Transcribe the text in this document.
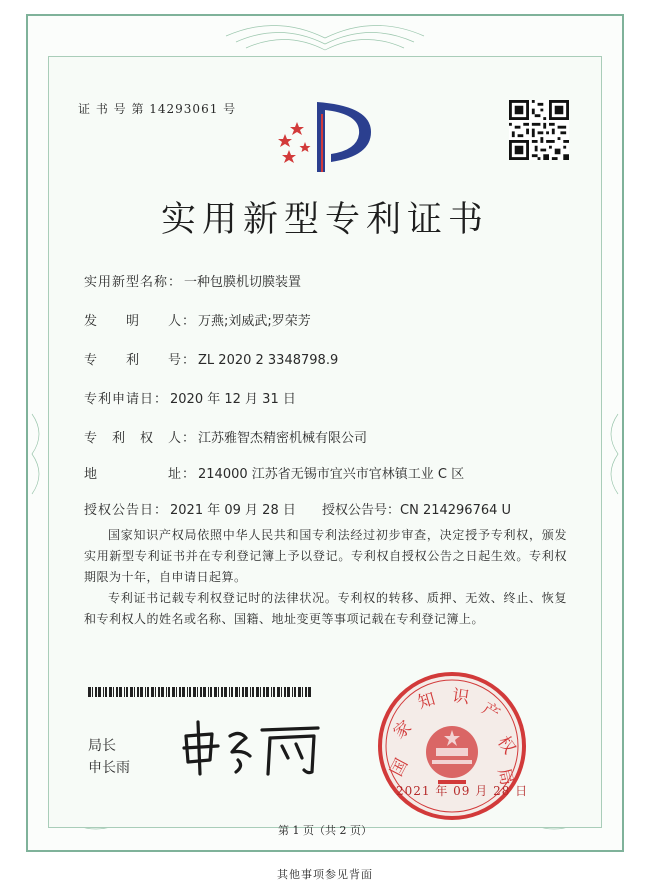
证 书 号 第 14293061 号
实用新型专利证书
实用新型名称： 一种包膜机切膜装置
发　　明　　人： 万燕;刘威武;罗荣芳
专　　利　　号： ZL 2020 2 3348798.9
专利申请日： 2020 年 12 月 31 日
专　利　权　人： 江苏雅智杰精密机械有限公司
地　　　　　址： 214000 江苏省无锡市宜兴市官林镇工业 C 区
授权公告日： 2021 年 09 月 28 日 授权公告号：CN 214296764 U
国家知识产权局依照中华人民共和国专利法经过初步审查，决定授予专利权，颁发实用新型专利证书并在专利登记簿上予以登记。专利权自授权公告之日起生效。专利权期限为十年，自申请日起算。
专利证书记载专利权登记时的法律状况。专利权的转移、质押、无效、终止、恢复和专利权人的姓名或名称、国籍、地址变更等事项记载在专利登记簿上。
局长
申长雨	国
家
知 识
产
权
局
2021 年 09 月 28 日
第 1 页（共 2 页）
其他事项参见背面
